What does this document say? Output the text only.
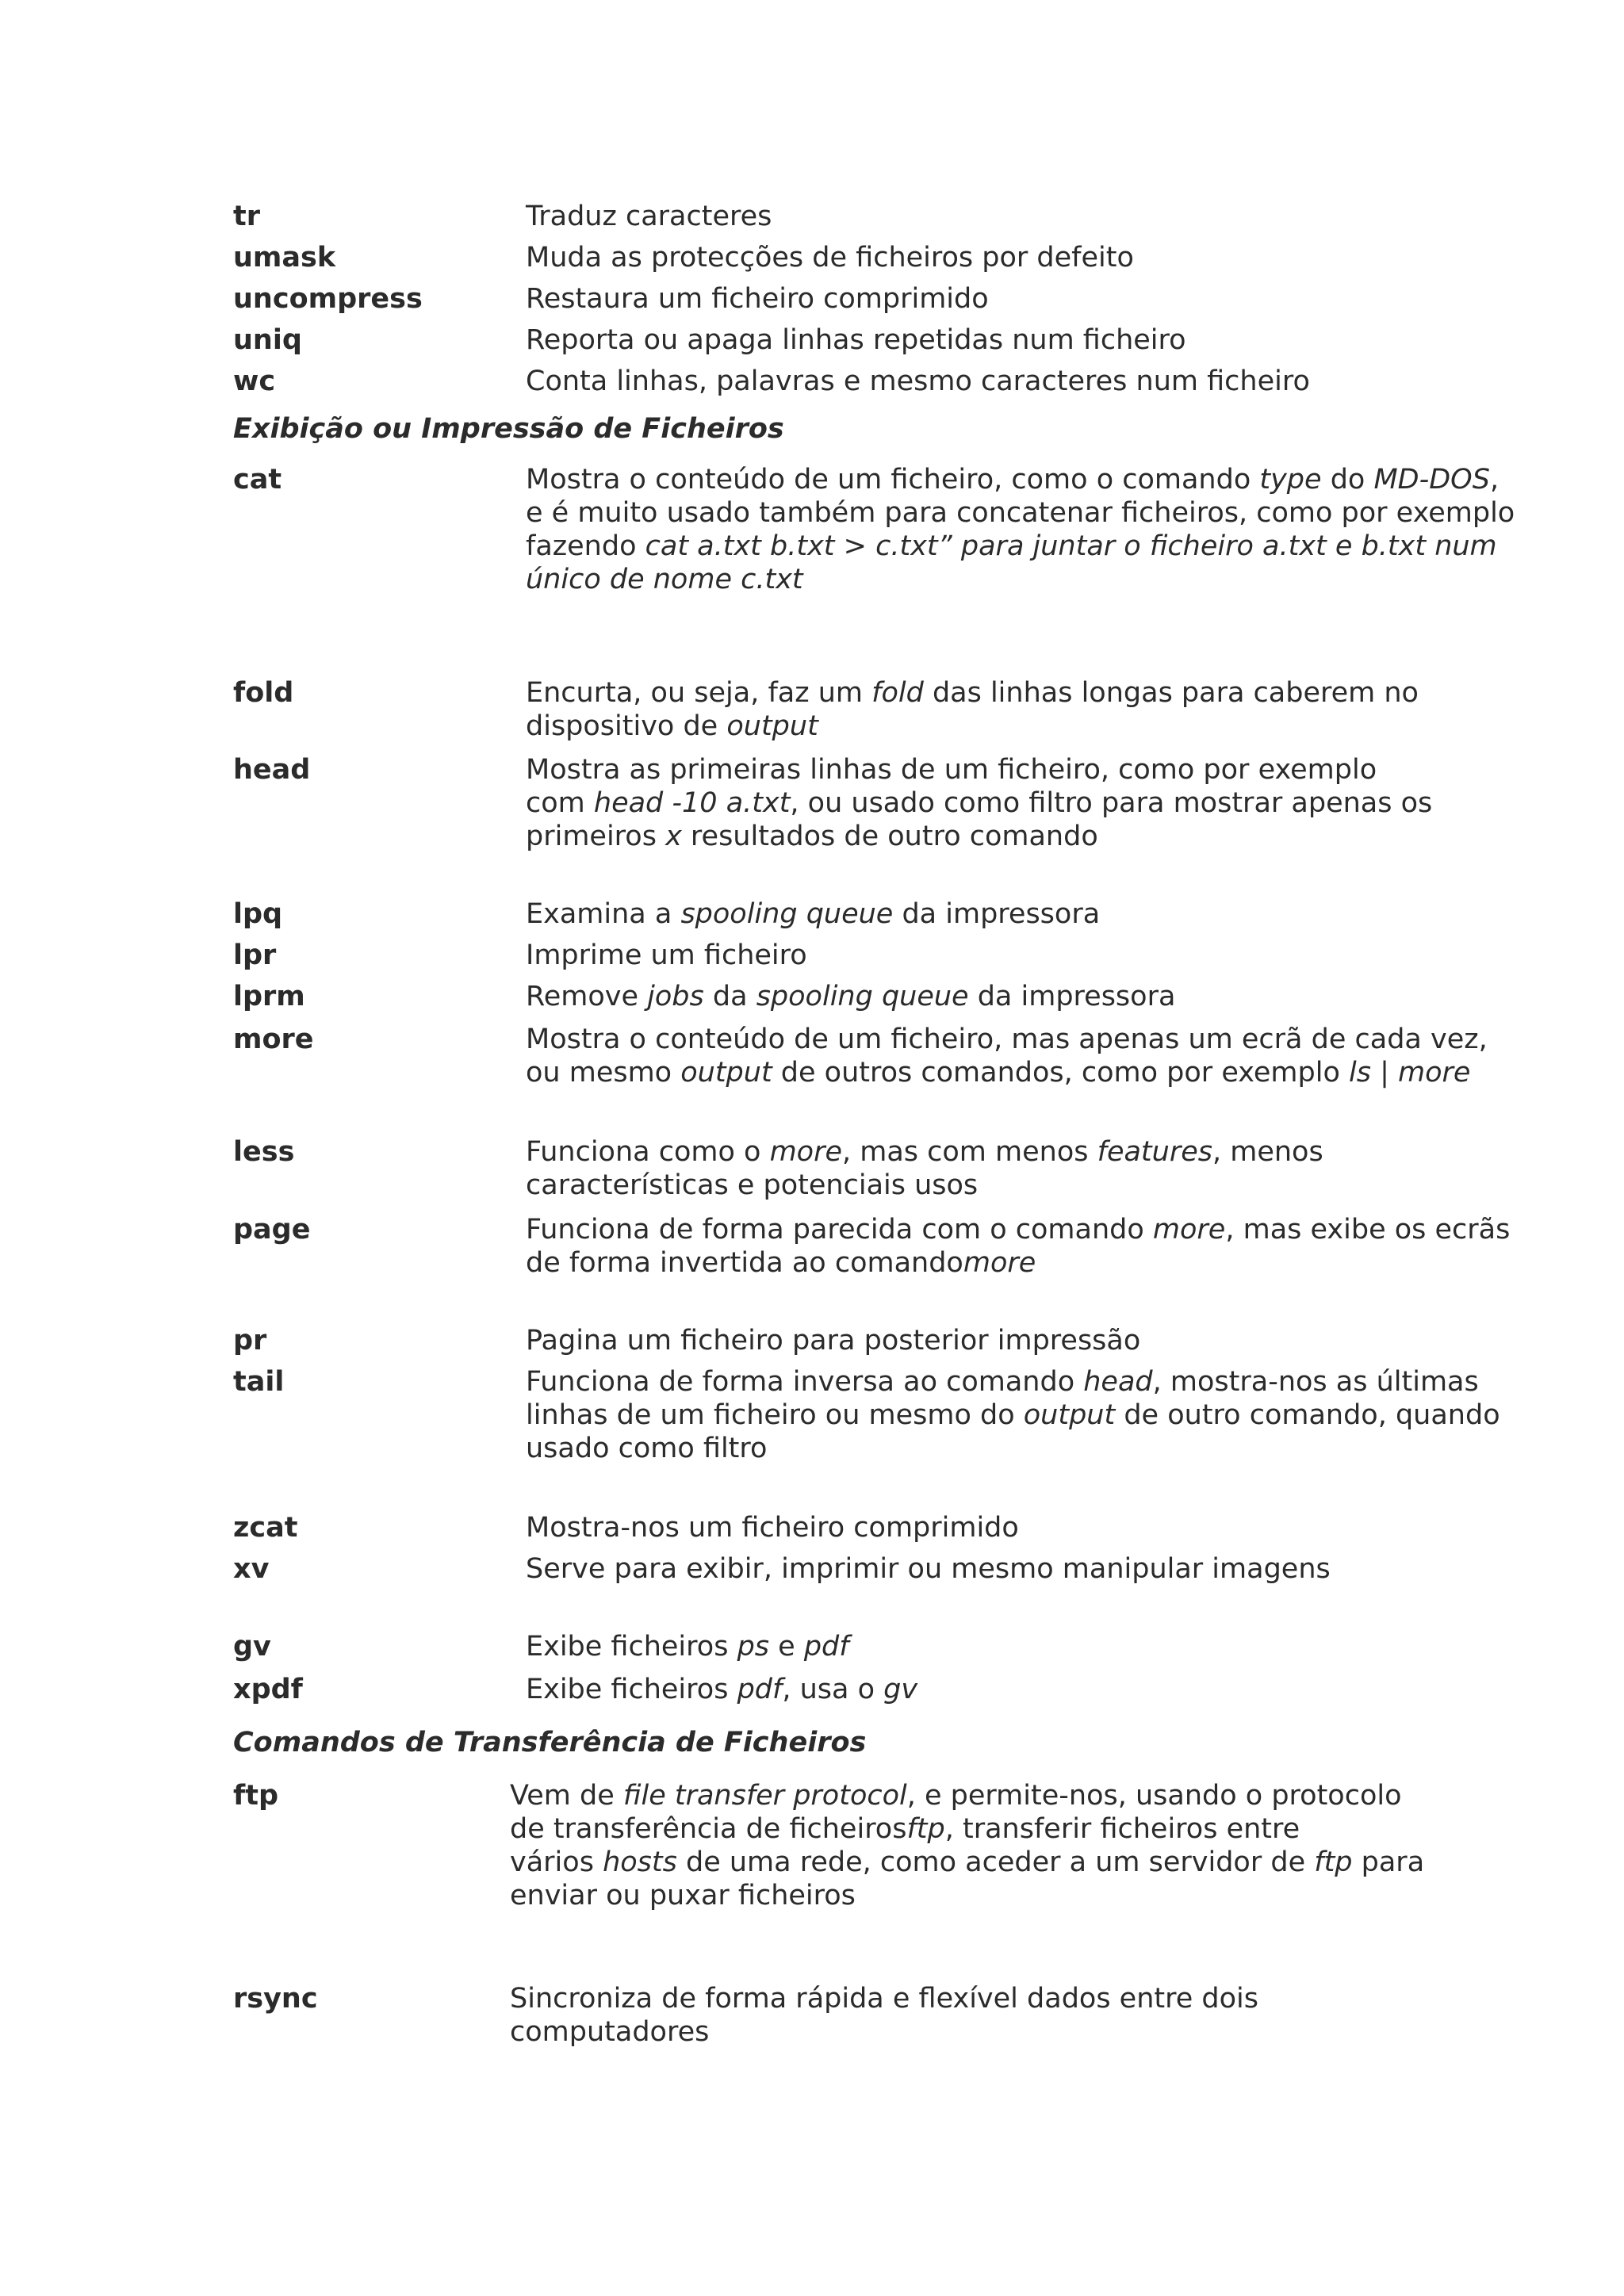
tr	Traduz caracteres
umask	Muda as protecções de ficheiros por defeito
uncompress	Restaura um ficheiro comprimido
uniq	Reporta ou apaga linhas repetidas num ficheiro
wc	Conta linhas, palavras e mesmo caracteres num ficheiro
Exibição ou Impressão de Ficheiros
cat	Mostra o conteúdo de um ficheiro, como o comando type do MD-DOS,
e é muito usado também para concatenar ficheiros, como por exemplo
fazendo cat a.txt b.txt > c.txt” para juntar o ficheiro a.txt e b.txt num
único de nome c.txt
fold	Encurta, ou seja, faz um fold das linhas longas para caberem no
dispositivo de output
head	Mostra as primeiras linhas de um ficheiro, como por exemplo
com head -10 a.txt, ou usado como filtro para mostrar apenas os
primeiros x resultados de outro comando
lpq	Examina a spooling queue da impressora
lpr	Imprime um ficheiro
lprm	Remove jobs da spooling queue da impressora
more	Mostra o conteúdo de um ficheiro, mas apenas um ecrã de cada vez,
ou mesmo output de outros comandos, como por exemplo ls | more
less	Funciona como o more, mas com menos features, menos
características e potenciais usos
page	Funciona de forma parecida com o comando more, mas exibe os ecrãs
de forma invertida ao comandomore
pr	Pagina um ficheiro para posterior impressão
tail	Funciona de forma inversa ao comando head, mostra-nos as últimas
linhas de um ficheiro ou mesmo do output de outro comando, quando
usado como filtro
zcat	Mostra-nos um ficheiro comprimido
xv	Serve para exibir, imprimir ou mesmo manipular imagens
gv	Exibe ficheiros ps e pdf
xpdf	Exibe ficheiros pdf, usa o gv
Comandos de Transferência de Ficheiros
ftp	Vem de file transfer protocol, e permite-nos, usando o protocolo
de transferência de ficheirosftp, transferir ficheiros entre
vários hosts de uma rede, como aceder a um servidor de ftp para
enviar ou puxar ficheiros
rsync	Sincroniza de forma rápida e flexível dados entre dois
computadores
